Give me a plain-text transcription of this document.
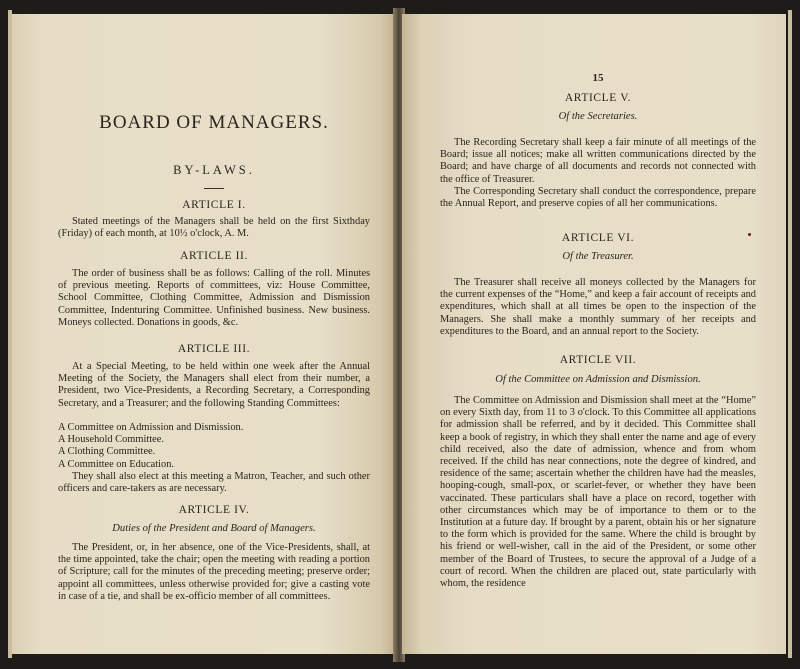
BOARD OF MANAGERS.
BY-LAWS.
ARTICLE I.

Stated meetings of the Managers shall be held on the first Sixthday (Friday) of each month, at 10½ o'clock, A. M.

ARTICLE II.

The order of business shall be as follows: Calling of the roll. Minutes of previous meeting. Reports of committees, viz: House Committee, School Committee, Clothing Committee, Admission and Dismission Committee, Indenturing Committee. Unfinished business. New business. Moneys collected. Donations in goods, &c.

ARTICLE III.

At a Special Meeting, to be held within one week after the Annual Meeting of the Society, the Managers shall elect from their number, a President, two Vice-Presidents, a Recording Secretary, a Corresponding Secretary, and a Treasurer; and the following Standing Committees:

A Committee on Admission and Dismission.
A Household Committee.
A Clothing Committee.
A Committee on Education.

They shall also elect at this meeting a Matron, Teacher, and such other officers and care-takers as are necessary.

ARTICLE IV.
Duties of the President and Board of Managers.

The President, or, in her absence, one of the Vice-Presidents, shall, at the time appointed, take the chair; open the meeting with reading a portion of Scripture; call for the minutes of the preceding meeting; preserve order; appoint all committees, unless otherwise provided for; give a casting vote in case of a tie, and shall be ex-officio member of all committees.

15
ARTICLE V.
Of the Secretaries.

The Recording Secretary shall keep a fair minute of all meetings of the Board; issue all notices; make all written communications directed by the Board; and have charge of all documents and records not connected with the office of Treasurer.

The Corresponding Secretary shall conduct the correspondence, prepare the Annual Report, and preserve copies of all her communications.

ARTICLE VI.
Of the Treasurer.

The Treasurer shall receive all moneys collected by the Managers for the current expenses of the “Home,” and keep a fair account of receipts and expenditures, which shall at all times be open to the inspection of the Managers. She shall make a monthly summary of her receipts and expenditures to the Board, and an annual report to the Society.

ARTICLE VII.
Of the Committee on Admission and Dismission.

The Committee on Admission and Dismission shall meet at the “Home” on every Sixth day, from 11 to 3 o'clock. To this Committee all applications for admission shall be referred, and by it decided. This Committee shall keep a book of registry, in which they shall enter the name and age of every child received, also the date of admission, whence and from whom received. If the child has near connections, note the degree of kindred, and residence of the same; ascertain whether the children have had the measles, hooping-cough, small-pox, or scarlet-fever, or whether they have been vaccinated. These particulars shall have a place on record, together with other circumstances which may be of importance to them or to the Institution at a future day. If brought by a parent, obtain his or her signature to the form which is provided for the same. Where the child is brought by his friend or well-wisher, call in the aid of the President, or some other member of the Board of Trustees, to secure the approval of a Judge of a court of record. When the children are placed out, state particularly with whom, the residence
